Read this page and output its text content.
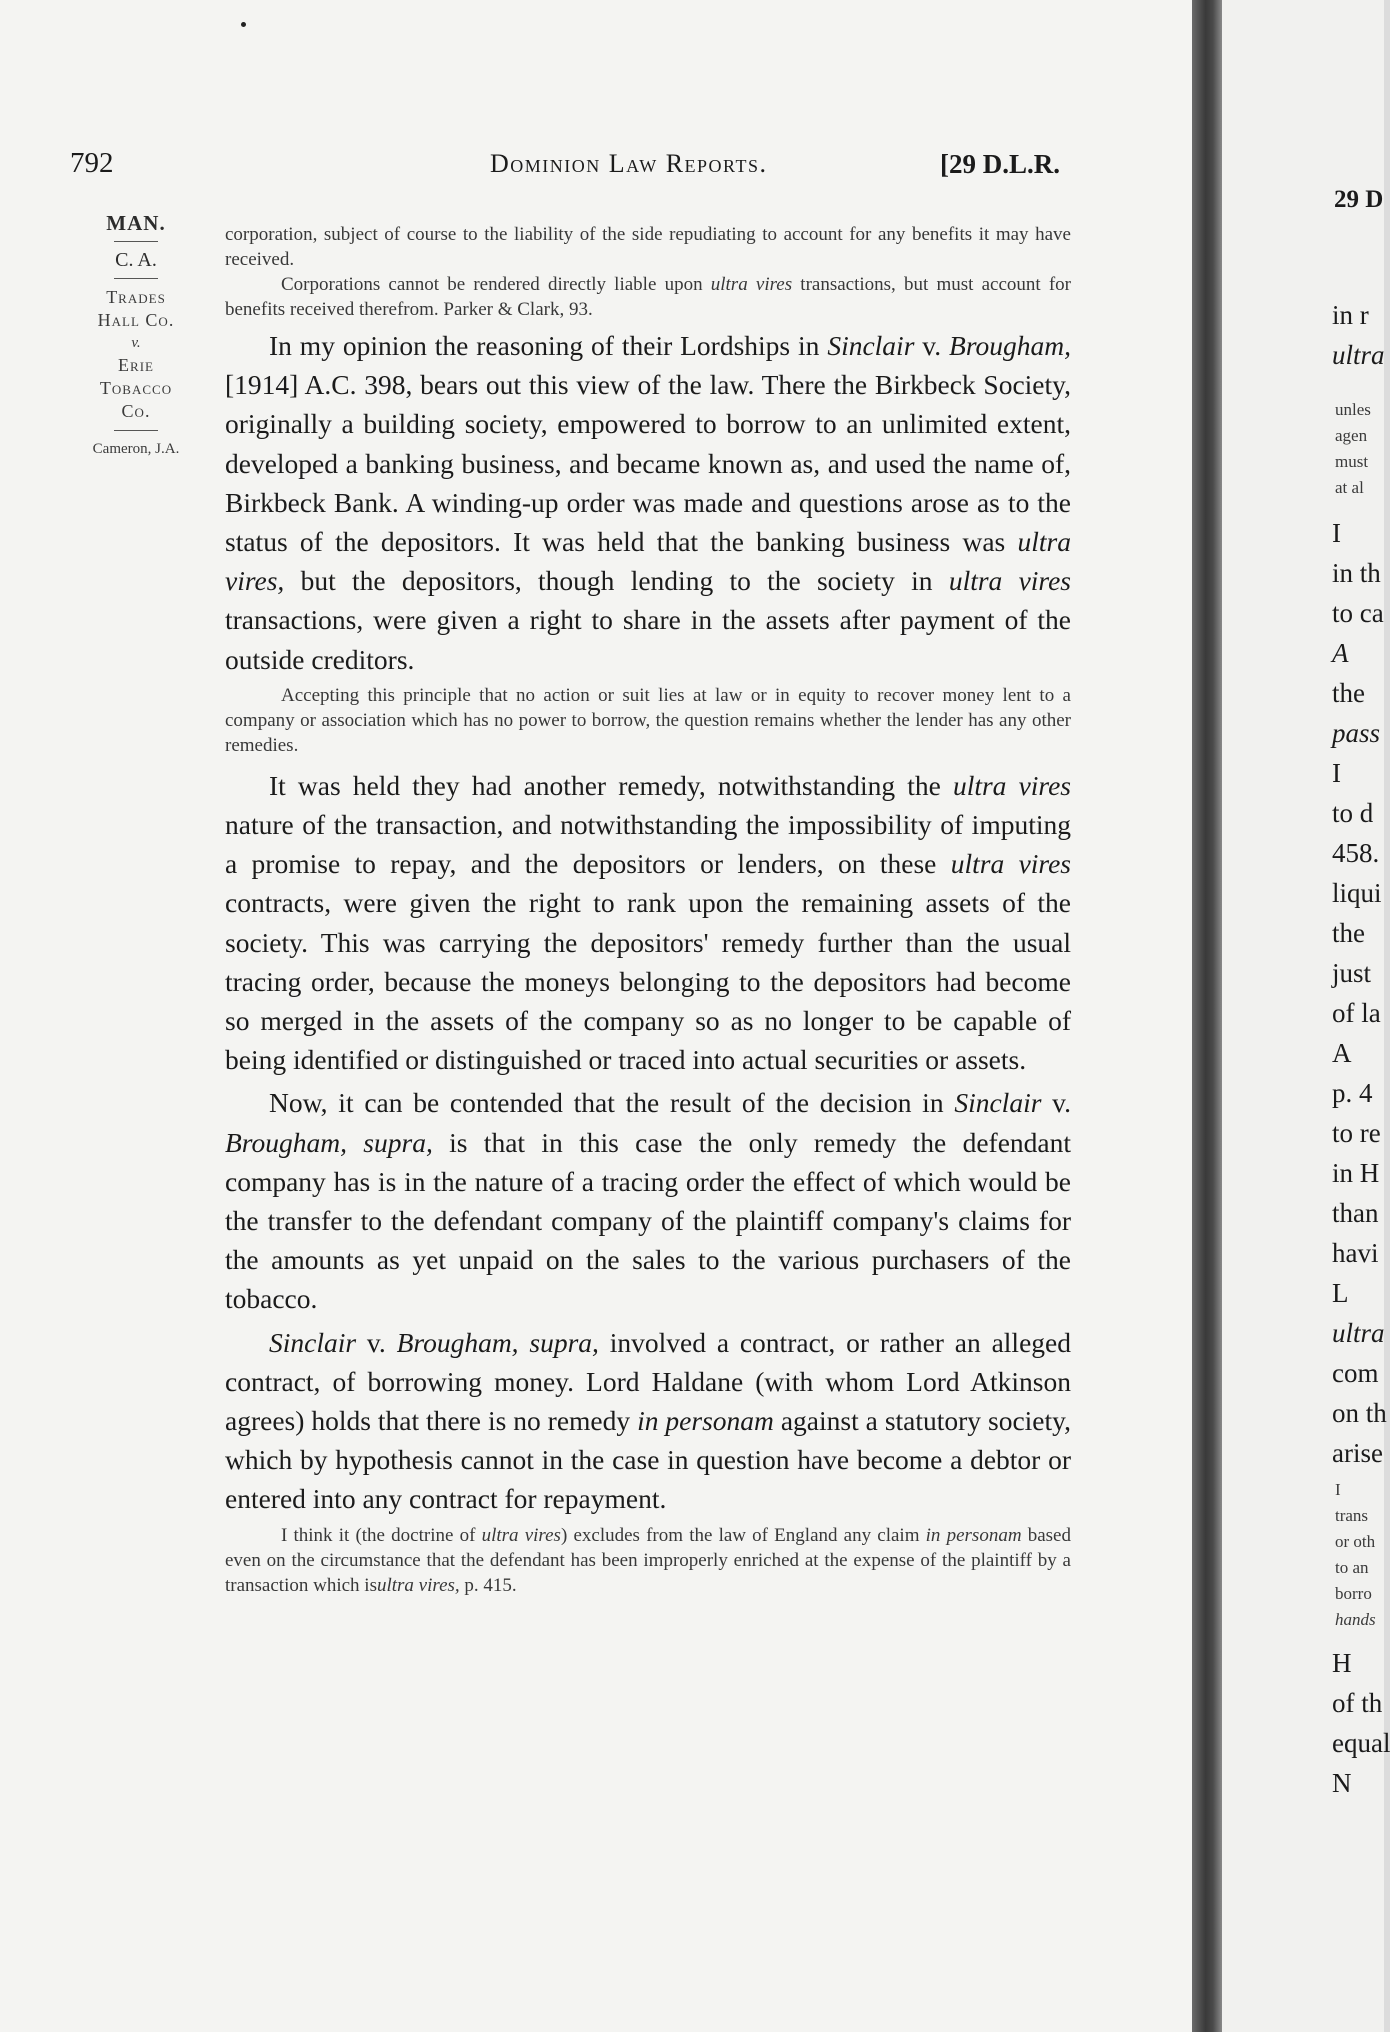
792	Dominion Law Reports.	[29 D.L.R.
MAN.
C. A.
Trades
Hall Co.
v.
Erie
Tobacco
Co.
Cameron, J.A.

corporation, subject of course to the liability of the side repudiating to account for any benefits it may have received.

Corporations cannot be rendered directly liable upon ultra vires transactions, but must account for benefits received therefrom. Parker & Clark, 93.

In my opinion the reasoning of their Lordships in Sinclair v. Brougham, [1914] A.C. 398, bears out this view of the law. There the Birkbeck Society, originally a building society, empowered to borrow to an unlimited extent, developed a banking business, and became known as, and used the name of, Birkbeck Bank. A winding-up order was made and questions arose as to the status of the depositors. It was held that the banking business was ultra vires, but the depositors, though lending to the society in ultra vires transactions, were given a right to share in the assets after payment of the outside creditors.

Accepting this principle that no action or suit lies at law or in equity to recover money lent to a company or association which has no power to borrow, the question remains whether the lender has any other remedies.

It was held they had another remedy, notwithstanding the ultra vires nature of the transaction, and notwithstanding the impossibility of imputing a promise to repay, and the depositors or lenders, on these ultra vires contracts, were given the right to rank upon the remaining assets of the society. This was carrying the depositors' remedy further than the usual tracing order, because the moneys belonging to the depositors had become so merged in the assets of the company so as no longer to be capable of being identified or distinguished or traced into actual securities or assets.

Now, it can be contended that the result of the decision in Sinclair v. Brougham, supra, is that in this case the only remedy the defendant company has is in the nature of a tracing order the effect of which would be the transfer to the defendant company of the plaintiff company's claims for the amounts as yet unpaid on the sales to the various purchasers of the tobacco.

Sinclair v. Brougham, supra, involved a contract, or rather an alleged contract, of borrowing money. Lord Haldane (with whom Lord Atkinson agrees) holds that there is no remedy in personam against a statutory society, which by hypothesis cannot in the case in question have become a debtor or entered into any contract for repayment.

I think it (the doctrine of ultra vires) excludes from the law of England any claim in personam based even on the circumstance that the defendant has been improperly enriched at the expense of the plaintiff by a transaction which isultra vires, p. 415.

29 D
in r
ultra
unles
agen
must
at al
I
in th
to ca
A
the
pass
I
to d
458.
liqui
the
just
of la
A
p. 4
to re
in H
than
havi
L
ultra
com
on th
arise
I
trans
or oth
to an
borro
hands
H
of th
equal
N
